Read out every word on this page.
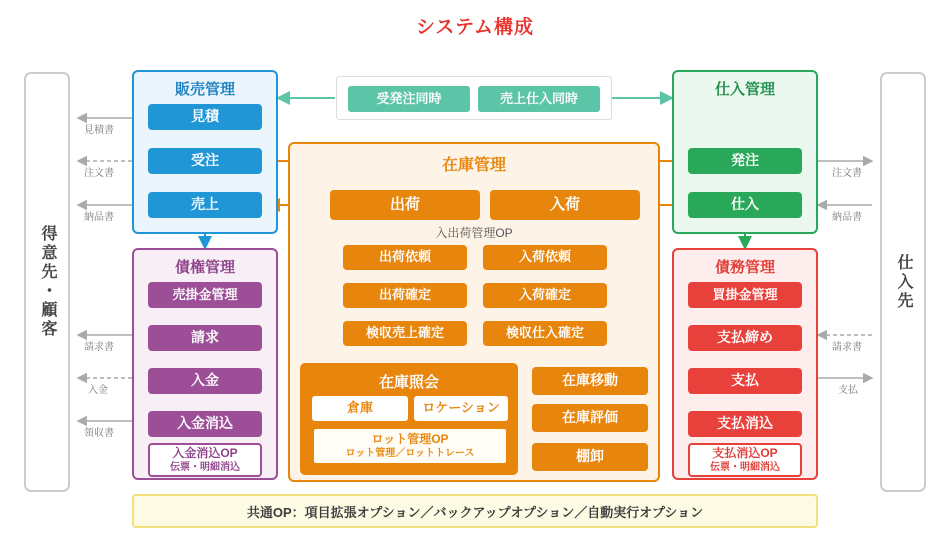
システム構成
得意先・顧客	仕入先
受発注同時	売上仕入同時
販売管理
見積
受注
売上
仕入管理
発注
仕入
在庫管理
出荷	入荷
入出荷管理OP
出荷依頼
出荷確定
検収売上確定
入荷依頼
入荷確定
検収仕入確定
在庫照会
倉庫	ロケーション
ロット管理OP
ロット管理／ロットトレース
在庫移動
在庫評価
棚卸
債権管理
売掛金管理
請求
入金
入金消込
入金消込OP
伝票・明細消込
債務管理
買掛金管理
支払締め
支払
支払消込
支払消込OP
伝票・明細消込
見積書
注文書
納品書
請求書
入金
領収書
注文書
納品書
請求書
支払
共通OP：項目拡張オプション／バックアップオプション／自動実行オプション
